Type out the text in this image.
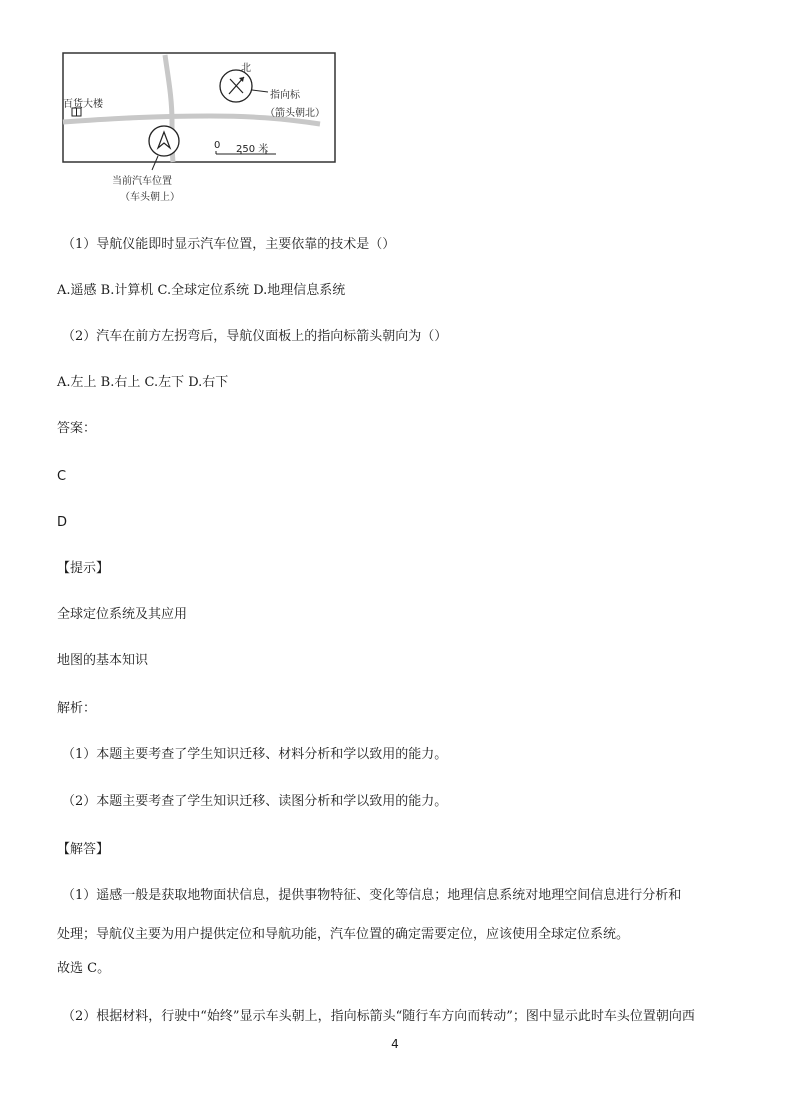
百货大楼
北
指向标
（箭头朝北）
0 250 米
当前汽车位置
（车头朝上）
（1）导航仪能即时显示汽车位置，主要依靠的技术是（）
A.遥感 B.计算机 C.全球定位系统 D.地理信息系统
（2）汽车在前方左拐弯后，导航仪面板上的指向标箭头朝向为（）
A.左上 B.右上 C.左下 D.右下
答案：
C
D
【提示】
全球定位系统及其应用
地图的基本知识
解析：
（1）本题主要考查了学生知识迁移、材料分析和学以致用的能力。
（2）本题主要考查了学生知识迁移、读图分析和学以致用的能力。
【解答】
（1）遥感一般是获取地物面状信息，提供事物特征、变化等信息；地理信息系统对地理空间信息进行分析和
处理；导航仪主要为用户提供定位和导航功能，汽车位置的确定需要定位，应该使用全球定位系统。
故选 C。
（2）根据材料，行驶中“始终”显示车头朝上，指向标箭头“随行车方向而转动”；图中显示此时车头位置朝向西
4
